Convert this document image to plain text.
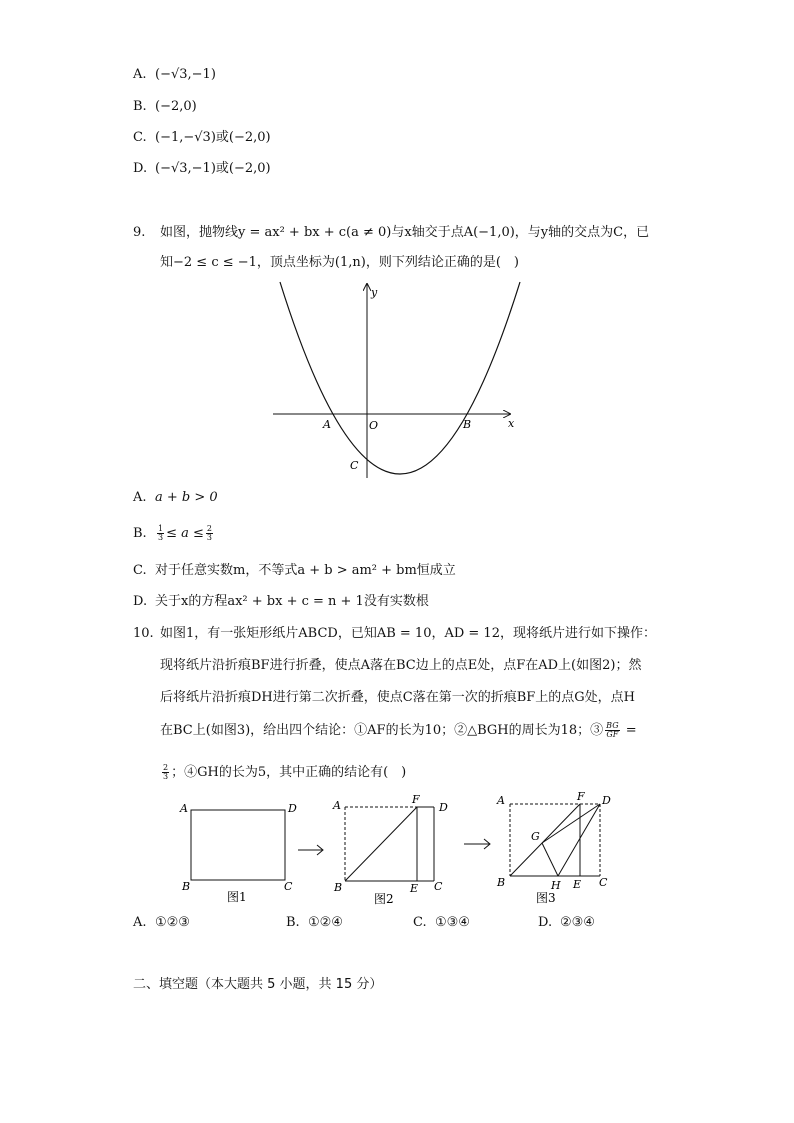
A. (−√3,−1)
B. (−2,0)
C. (−1,−√3)或(−2,0)
D. (−√3,−1)或(−2,0)
9. 如图，抛物线y = ax² + bx + c(a ≠ 0)与x轴交于点A(−1,0)，与y轴的交点为C，已
知−2 ≤ c ≤ −1，顶点坐标为(1,n)，则下列结论正确的是(　)
y
x
A	O	B
C
A. a + b > 0
B. $\frac{1}{3} \le a \le \frac{2}{3}$
C. 对于任意实数m，不等式a + b > am² + bm恒成立
D. 关于x的方程ax² + bx + c = n + 1没有实数根
10. 如图1，有一张矩形纸片ABCD，已知AB = 10，AD = 12，现将纸片进行如下操作：
现将纸片沿折痕BF进行折叠，使点A落在BC边上的点E处，点F在AD上(如图2)；然
后将纸片沿折痕DH进行第二次折叠，使点C落在第一次的折痕BF上的点G处，点H
在BC上(如图3)，给出四个结论：①AF的长为10；②△BGH的周长为18；③ $\frac{BG}{GF}$ =
$\frac{2}{3}$ ；④GH的长为5，其中正确的结论有(　)
A	D
B	C
图1
A	F
D
B	E C
图2
A	F D
G
B	H E C
图3
A. ①②③	B. ①②④	C. ①③④	D. ②③④
二、填空题（本大题共 5 小题，共 15 分）
